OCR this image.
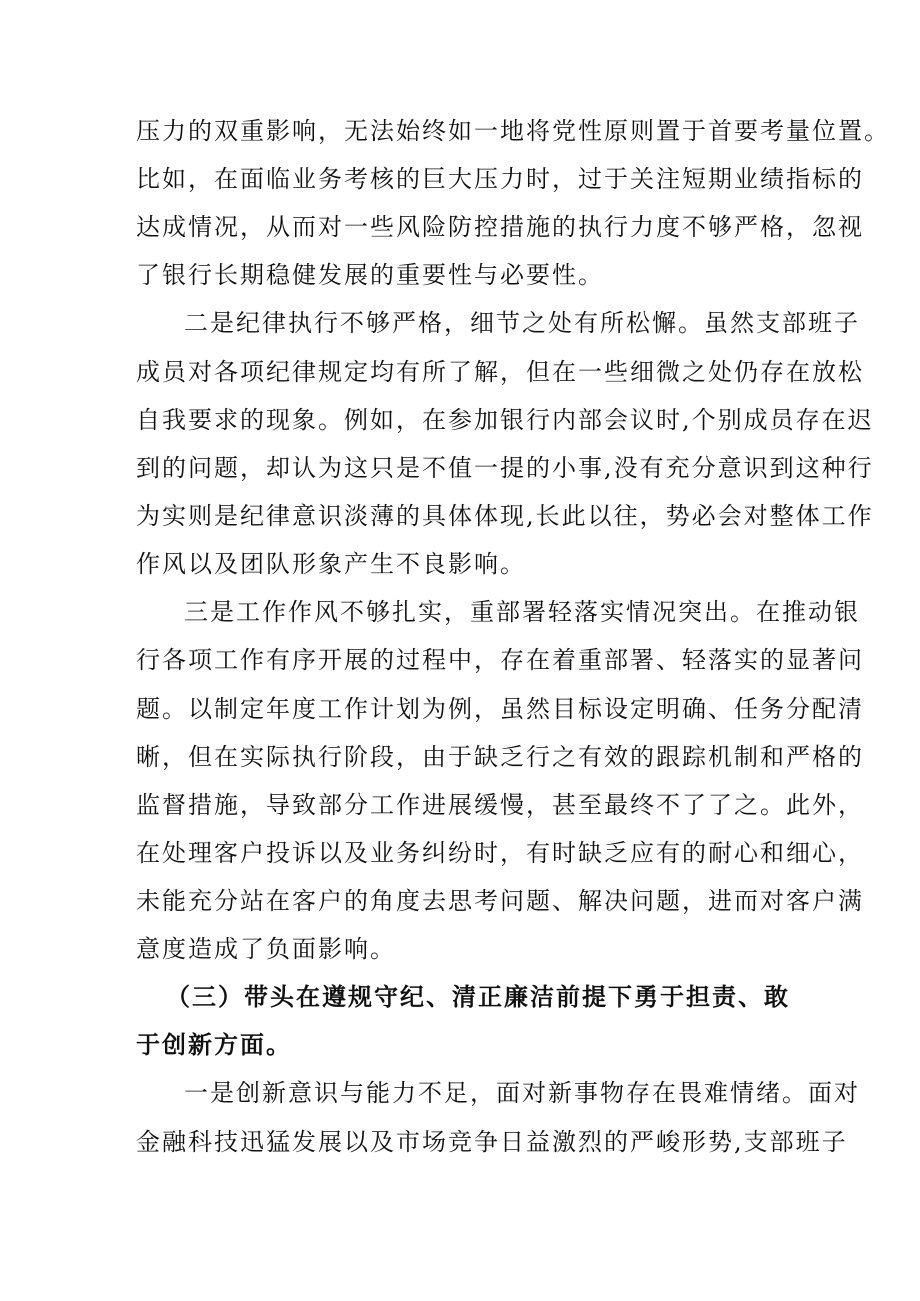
压力的双重影响，无法始终如一地将党性原则置于首要考量位置。
比如，在面临业务考核的巨大压力时，过于关注短期业绩指标的
达成情况，从而对一些风险防控措施的执行力度不够严格，忽视
了银行长期稳健发展的重要性与必要性。
二是纪律执行不够严格，细节之处有所松懈。虽然支部班子
成员对各项纪律规定均有所了解，但在一些细微之处仍存在放松
自我要求的现象。例如，在参加银行内部会议时,个别成员存在迟
到的问题，却认为这只是不值一提的小事,没有充分意识到这种行
为实则是纪律意识淡薄的具体体现,长此以往，势必会对整体工作
作风以及团队形象产生不良影响。
三是工作作风不够扎实，重部署轻落实情况突出。在推动银
行各项工作有序开展的过程中，存在着重部署、轻落实的显著问
题。以制定年度工作计划为例，虽然目标设定明确、任务分配清
晰，但在实际执行阶段，由于缺乏行之有效的跟踪机制和严格的
监督措施，导致部分工作进展缓慢，甚至最终不了了之。此外，
在处理客户投诉以及业务纠纷时，有时缺乏应有的耐心和细心，
未能充分站在客户的角度去思考问题、解决问题，进而对客户满
意度造成了负面影响。
（三）带头在遵规守纪、清正廉洁前提下勇于担责、敢
于创新方面。
一是创新意识与能力不足，面对新事物存在畏难情绪。面对
金融科技迅猛发展以及市场竞争日益激烈的严峻形势,支部班子
